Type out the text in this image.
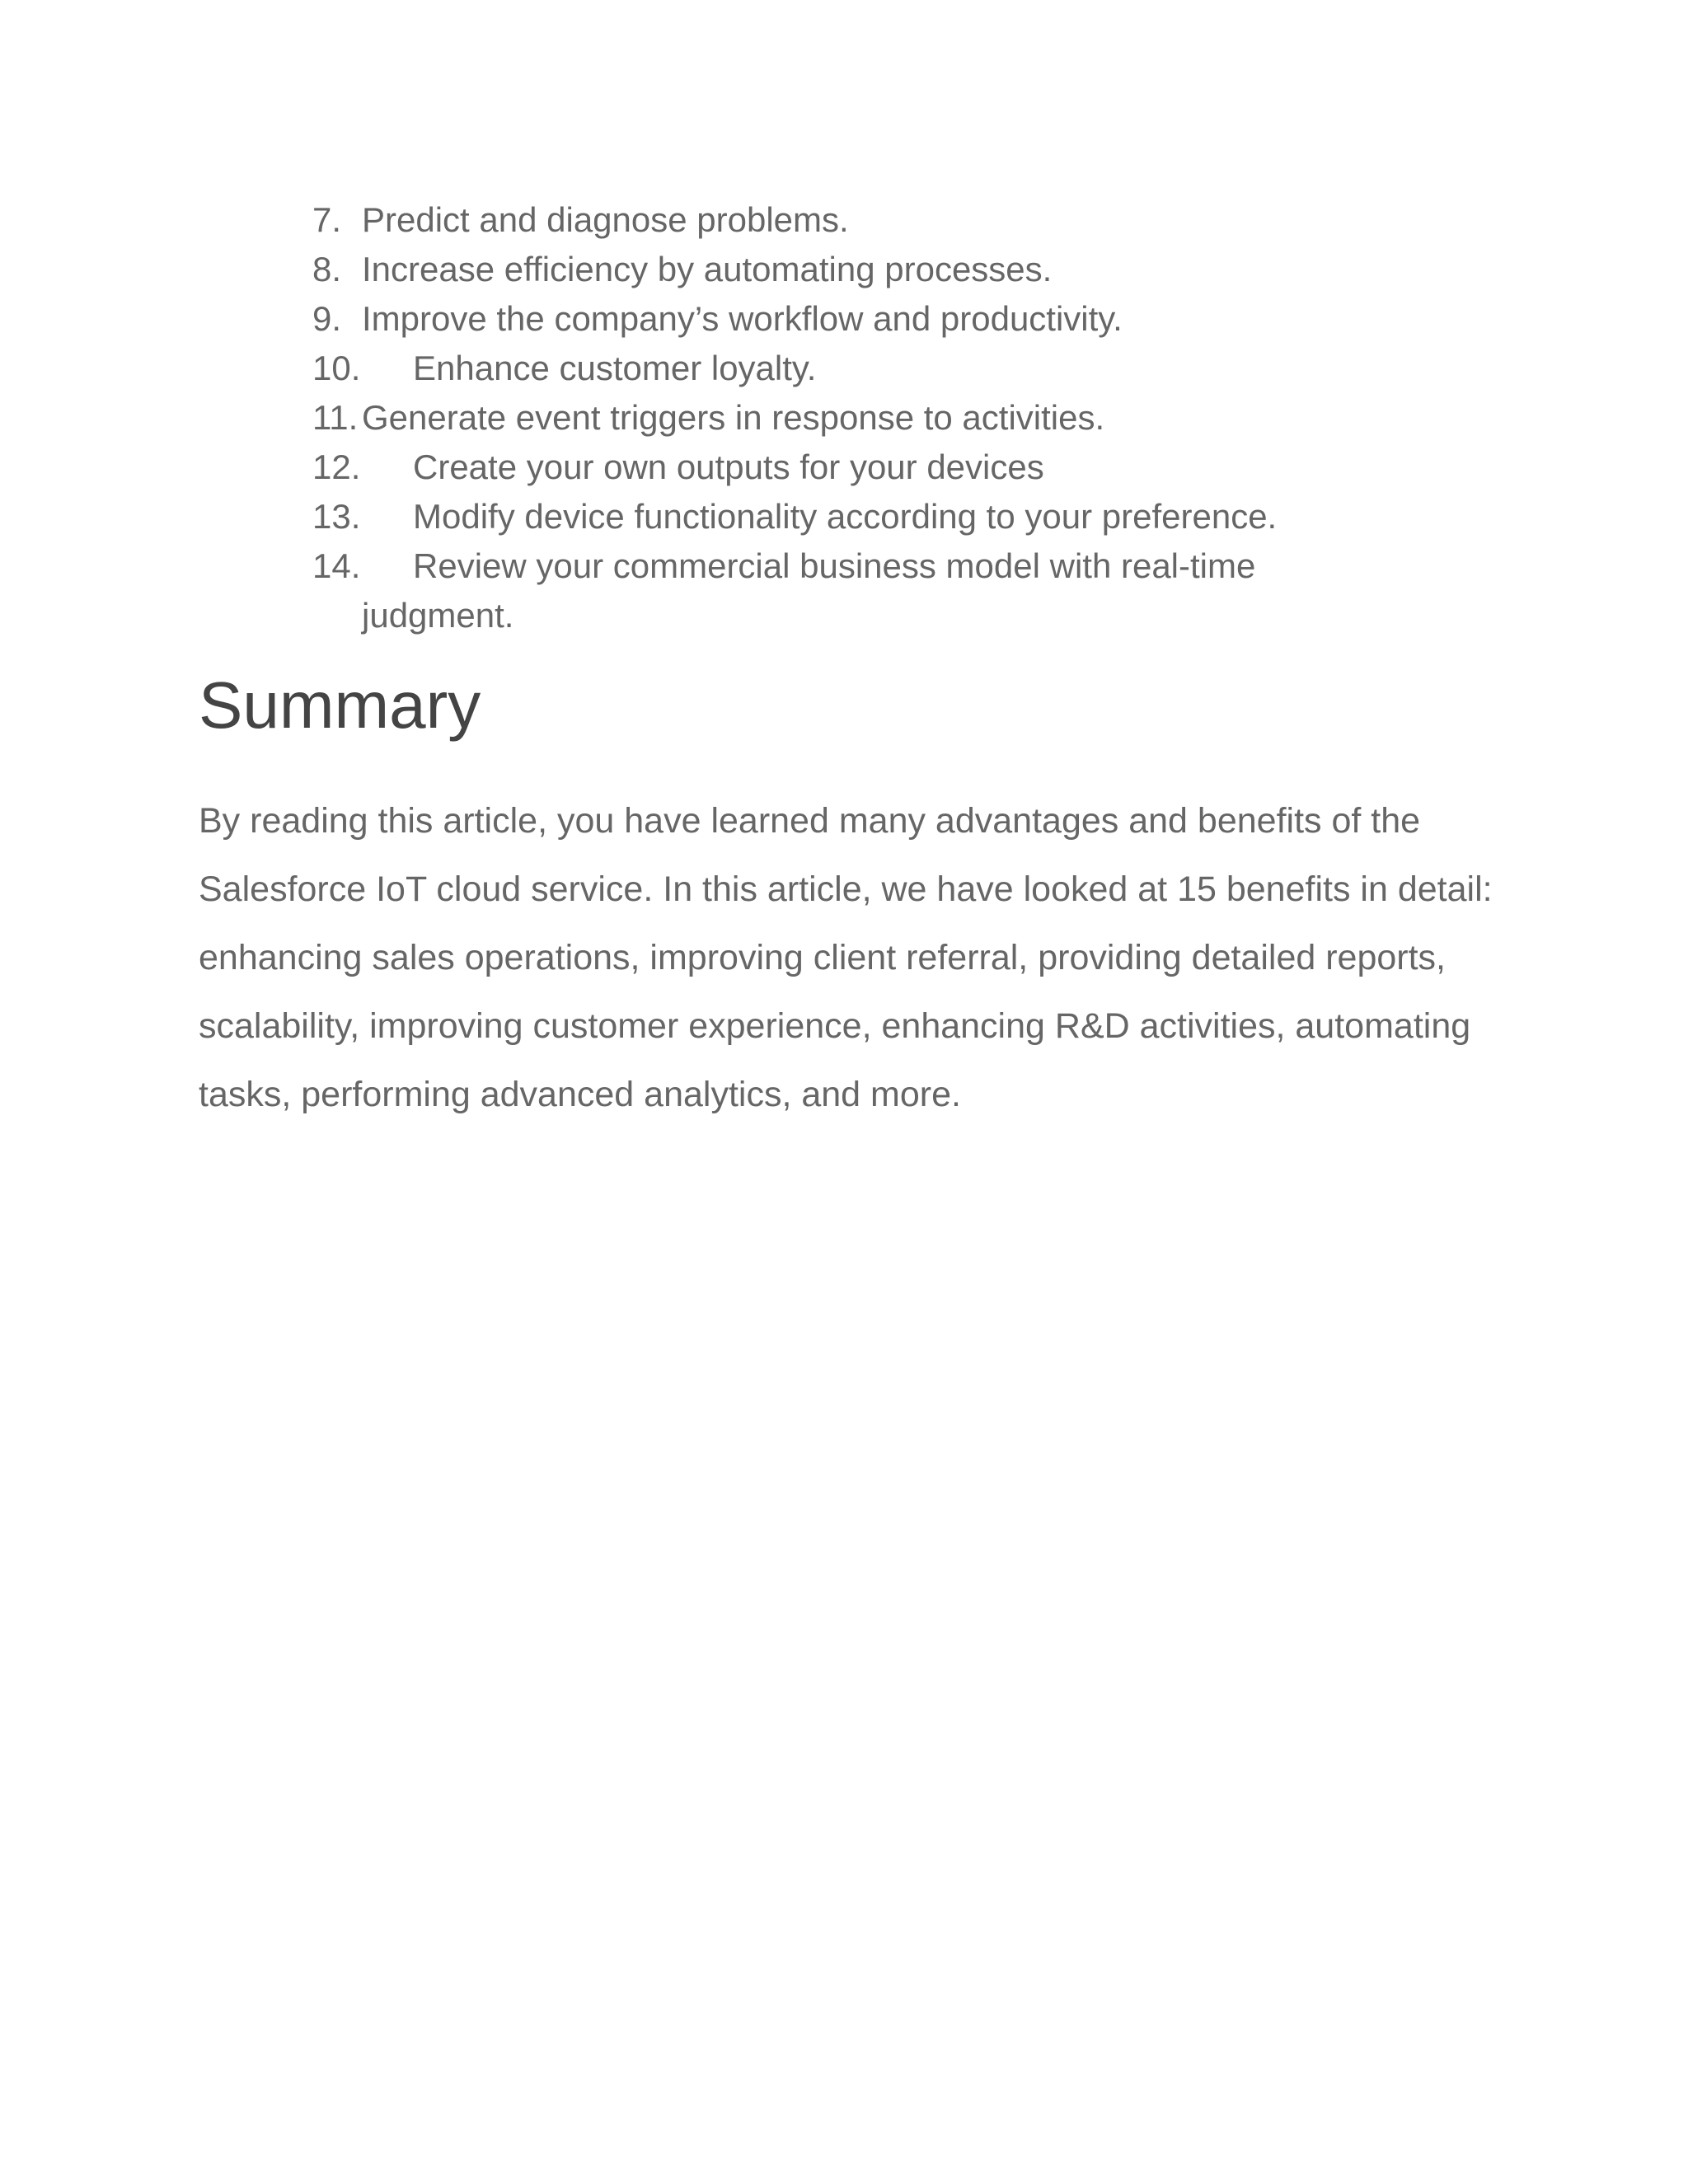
7. Predict and diagnose problems.
8. Increase efficiency by automating processes.
9. Improve the company’s workflow and productivity.
10. Enhance customer loyalty.
11. Generate event triggers in response to activities.
12. Create your own outputs for your devices
13. Modify device functionality according to your preference.
14.	Review your commercial business model with real-time judgment.
Summary

By reading this article, you have learned many advantages and benefits of the Salesforce IoT cloud service. In this article, we have looked at 15 benefits in detail: enhancing sales operations, improving client referral, providing detailed reports, scalability, improving customer experience, enhancing R&D activities, automating tasks, performing advanced analytics, and more.
